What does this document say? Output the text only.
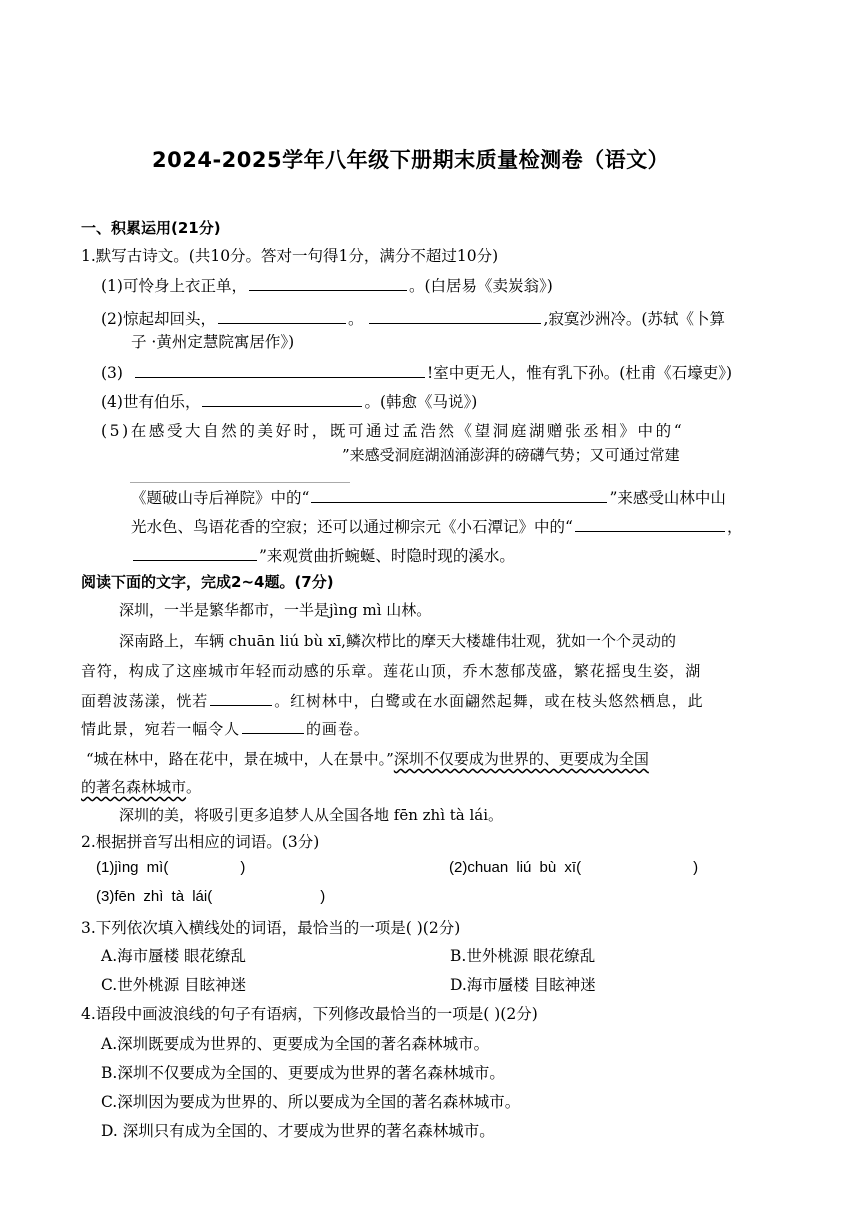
2024-2025学年八年级下册期末质量检测卷（语文）
一、积累运用(21分)
1.默写古诗文。(共10分。答对一句得1分，满分不超过10分)
(1)可怜身上衣正单，	。(白居易《卖炭翁》)
(2)惊起却回头，	。	,寂寞沙洲冷。(苏轼《卜算
子 ·黄州定慧院寓居作》)
(3)	!室中更无人，惟有乳下孙。(杜甫《石壕吏》)
(4)世有伯乐，	。(韩愈《马说》)
(5)在感受大自然的美好时，既可通过孟浩然《望洞庭湖赠张丞相》中的“
”来感受洞庭湖汹涌澎湃的磅礴气势；又可通过常建
《题破山寺后禅院》中的“	”来感受山林中山
光水色、鸟语花香的空寂；还可以通过柳宗元《小石潭记》中的“	，
”来观赏曲折蜿蜒、时隐时现的溪水。
阅读下面的文字，完成2~4题。(7分)
深圳，一半是繁华都市，一半是jìng mì 山林。
深南路上，车辆 chuān liú bù xī,鳞次栉比的摩天大楼雄伟壮观，犹如一个个灵动的
音符，构成了这座城市年轻而动感的乐章。莲花山顶，乔木葱郁茂盛，繁花摇曳生姿，湖
面碧波荡漾，恍若	。红树林中，白鹭或在水面翩然起舞，或在枝头悠然栖息，此
情此景，宛若一幅令人	的画卷。
“城在林中，路在花中，景在城中，人在景中。”深圳不仅要成为世界的、更要成为全国
的著名森林城市。
深圳的美，将吸引更多追梦人从全国各地 fēn zhì tà lái。
2.根据拼音写出相应的词语。(3分)
(1)jìng mì(	)	(2)chuan liú bù xī(	)
(3)fēn zhì tà lái(	)
3.下列依次填入横线处的词语，最恰当的一项是( )(2分)
A.海市蜃楼 眼花缭乱	B.世外桃源 眼花缭乱
C.世外桃源 目眩神迷	D.海市蜃楼 目眩神迷
4.语段中画波浪线的句子有语病，下列修改最恰当的一项是( )(2分)
A.深圳既要成为世界的、更要成为全国的著名森林城市。
B.深圳不仅要成为全国的、更要成为世界的著名森林城市。
C.深圳因为要成为世界的、所以要成为全国的著名森林城市。
D. 深圳只有成为全国的、才要成为世界的著名森林城市。
